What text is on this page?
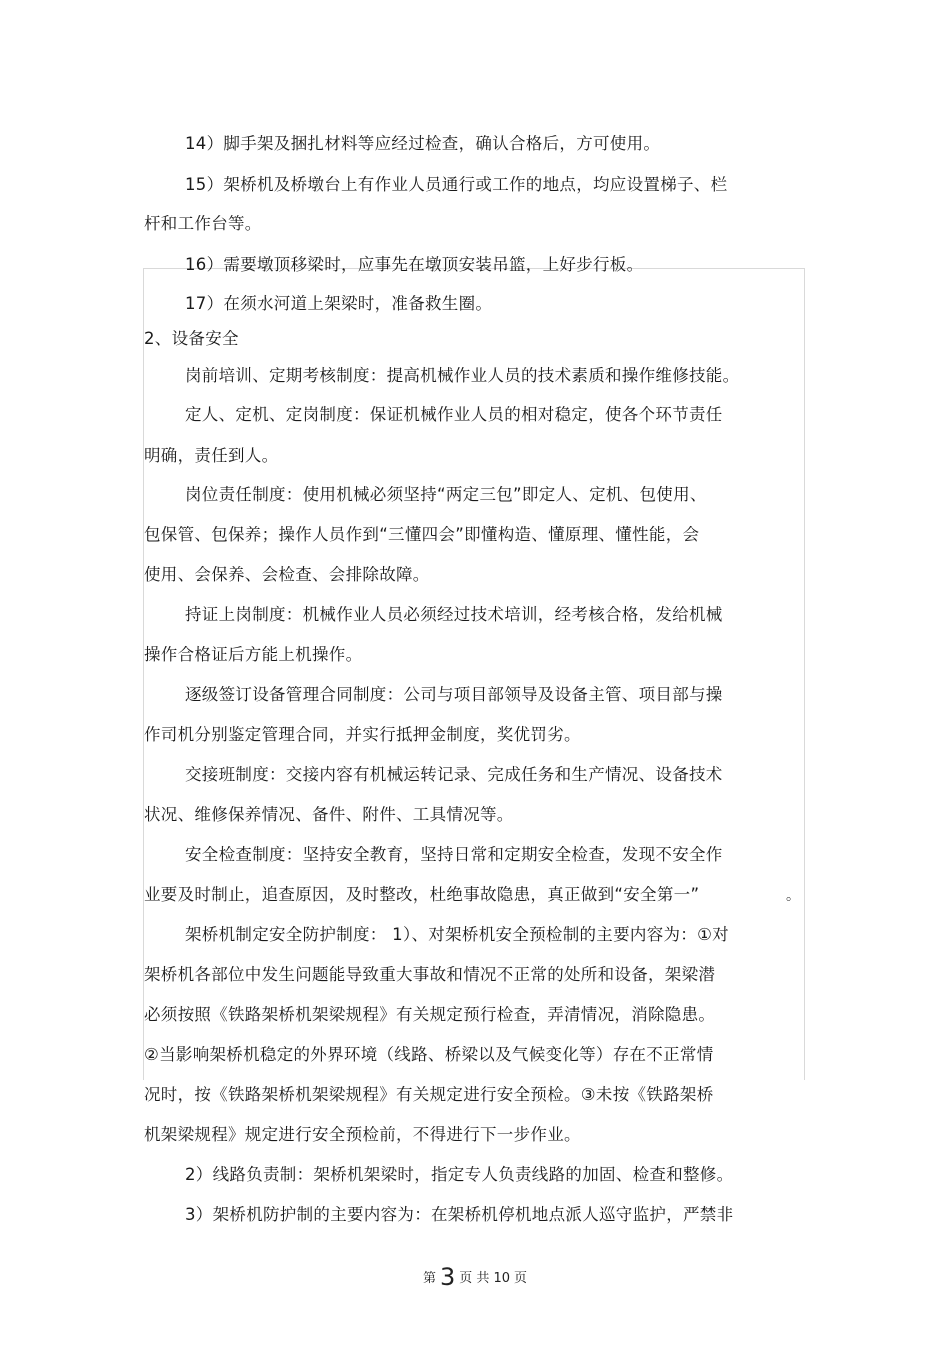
14）脚手架及捆扎材料等应经过检查，确认合格后，方可使用。
15）架桥机及桥墩台上有作业人员通行或工作的地点，均应设置梯子、栏
杆和工作台等。
16）需要墩顶移梁时，应事先在墩顶安装吊篮，上好步行板。
17）在须水河道上架梁时，准备救生圈。
2、设备安全
岗前培训、定期考核制度：提高机械作业人员的技术素质和操作维修技能。
定人、定机、定岗制度：保证机械作业人员的相对稳定，使各个环节责任
明确，责任到人。
岗位责任制度：使用机械必须坚持“两定三包”即定人、定机、包使用、
包保管、包保养；操作人员作到“三懂四会”即懂构造、懂原理、懂性能，会
使用、会保养、会检查、会排除故障。
持证上岗制度：机械作业人员必须经过技术培训，经考核合格，发给机械
操作合格证后方能上机操作。
逐级签订设备管理合同制度：公司与项目部领导及设备主管、项目部与操
作司机分别鉴定管理合同，并实行抵押金制度，奖优罚劣。
交接班制度：交接内容有机械运转记录、完成任务和生产情况、设备技术
状况、维修保养情况、备件、附件、工具情况等。
安全检查制度：坚持安全教育，坚持日常和定期安全检查，发现不安全作
业要及时制止，追查原因，及时整改，杜绝事故隐患，真正做到“安全第一”	。
架桥机制定安全防护制度： 1）、对架桥机安全预检制的主要内容为：①对
架桥机各部位中发生问题能导致重大事故和情况不正常的处所和设备，架梁潜
必须按照《铁路架桥机架梁规程》有关规定预行检查，弄清情况，消除隐患。
②当影响架桥机稳定的外界环境（线路、桥梁以及气候变化等）存在不正常情
况时，按《铁路架桥机架梁规程》有关规定进行安全预检。③未按《铁路架桥
机架梁规程》规定进行安全预检前，不得进行下一步作业。
2）线路负责制：架桥机架梁时，指定专人负责线路的加固、检查和整修。
3）架桥机防护制的主要内容为：在架桥机停机地点派人巡守监护，严禁非
第 3 页 共 10 页
